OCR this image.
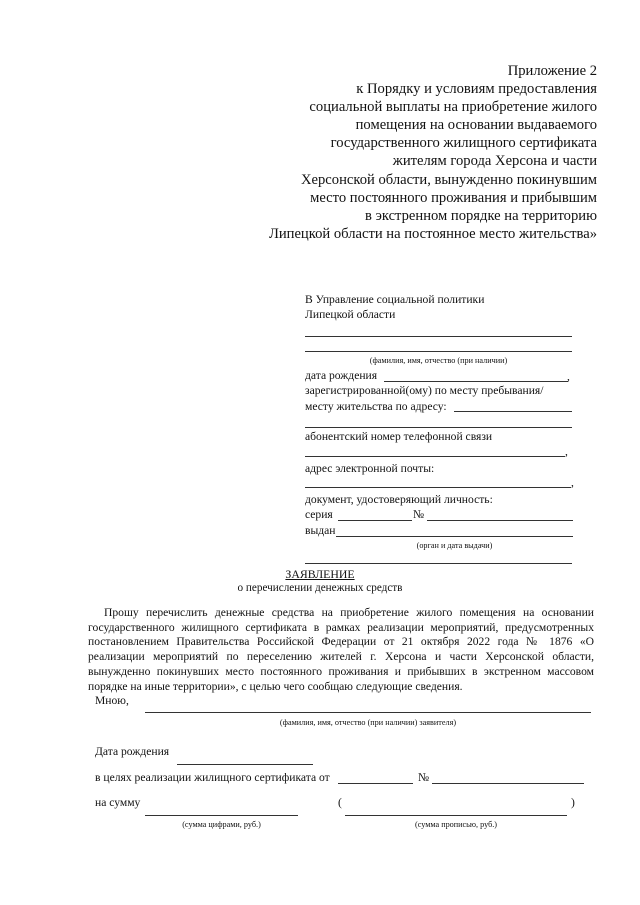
Приложение 2
к Порядку и условиям предоставления
социальной выплаты на приобретение жилого
помещения на основании выдаваемого
государственного жилищного сертификата
жителям города Херсона и части
Херсонской области, вынужденно покинувшим
место постоянного проживания и прибывшим
в экстренном порядке на территорию
Липецкой области на постоянное место жительства»
В Управление социальной политики
Липецкой области
(фамилия, имя, отчество (при наличии)
дата рождения	,
зарегистрированной(ому) по месту пребывания/
месту жительства по адресу:
абонентский номер телефонной связи
,
адрес электронной почты:
,
документ, удостоверяющий личность:
серия	№
выдан
(орган и дата выдачи)
ЗАЯВЛЕНИЕ
о перечислении денежных средств
Прошу перечислить денежные средства на приобретение жилого помещения на основании государственного жилищного сертификата в рамках реализации мероприятий, предусмотренных постановлением Правительства Российской Федерации от 21 октября 2022 года № 1876 «О реализации мероприятий по переселению жителей г. Херсона и части Херсонской области, вынужденно покинувших место постоянного проживания и прибывших в экстренном массовом порядке на иные территории», с целью чего сообщаю следующие сведения.
Мною,
(фамилия, имя, отчество (при наличии) заявителя)
Дата рождения
в целях реализации жилищного сертификата от	№
на сумму	(	)
(сумма цифрами, руб.)	(сумма прописью, руб.)
